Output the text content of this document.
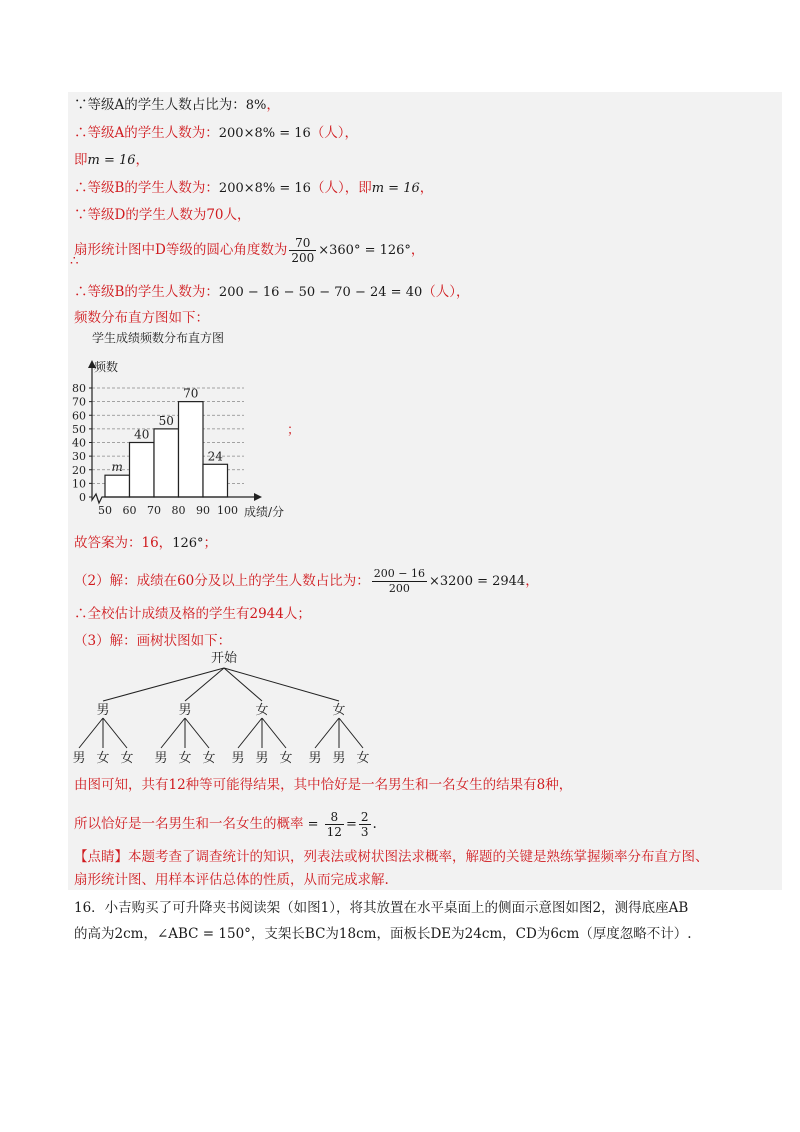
∵等级A的学生人数占比为：8%，
∴等级A的学生人数为：200×8% = 16（人），
即m = 16，
∴等级B的学生人数为：200×8% = 16（人），即m = 16，
∵等级D的学生人数为70人，
扇形统计图中D等级的圆心角度数为 $\frac{70}{200} \times 360^\circ = 126^\circ$，
∴
∴等级B的学生人数为：200 − 16 − 50 − 70 − 24 = 40（人），
频数分布直方图如下：
学生成绩频数分布直方图
频数
成绩/分
；
m
40
50
70
24
0
10
20
30
40
50
60
70
80
50 60 70 80 90 100
故答案为：16，126°；
（2）解：成绩在60分及以上的学生人数占比为： $\frac{200 - 16}{200} \times 3200 = 2944$，
∴全校估计成绩及格的学生有2944人；
（3）解：画树状图如下：
开始
男
男 女 女
男
男 女 女
女
男 男 女
女
男 男 女
由图可知，共有12种等可能得结果，其中恰好是一名男生和一名女生的结果有8种，
所以恰好是一名男生和一名女生的概率 = $\frac{8}{12} = \frac{2}{3}$ .
【点睛】本题考查了调查统计的知识，列表法或树状图法求概率，解题的关键是熟练掌握频率分布直方图、
扇形统计图、用样本评估总体的性质，从而完成求解.
16．小吉购买了可升降夹书阅读架（如图1），将其放置在水平桌面上的侧面示意图如图2，测得底座AB
的高为2cm，∠ABC = 150°，支架长BC为18cm，面板长DE为24cm，CD为6cm（厚度忽略不计）.
